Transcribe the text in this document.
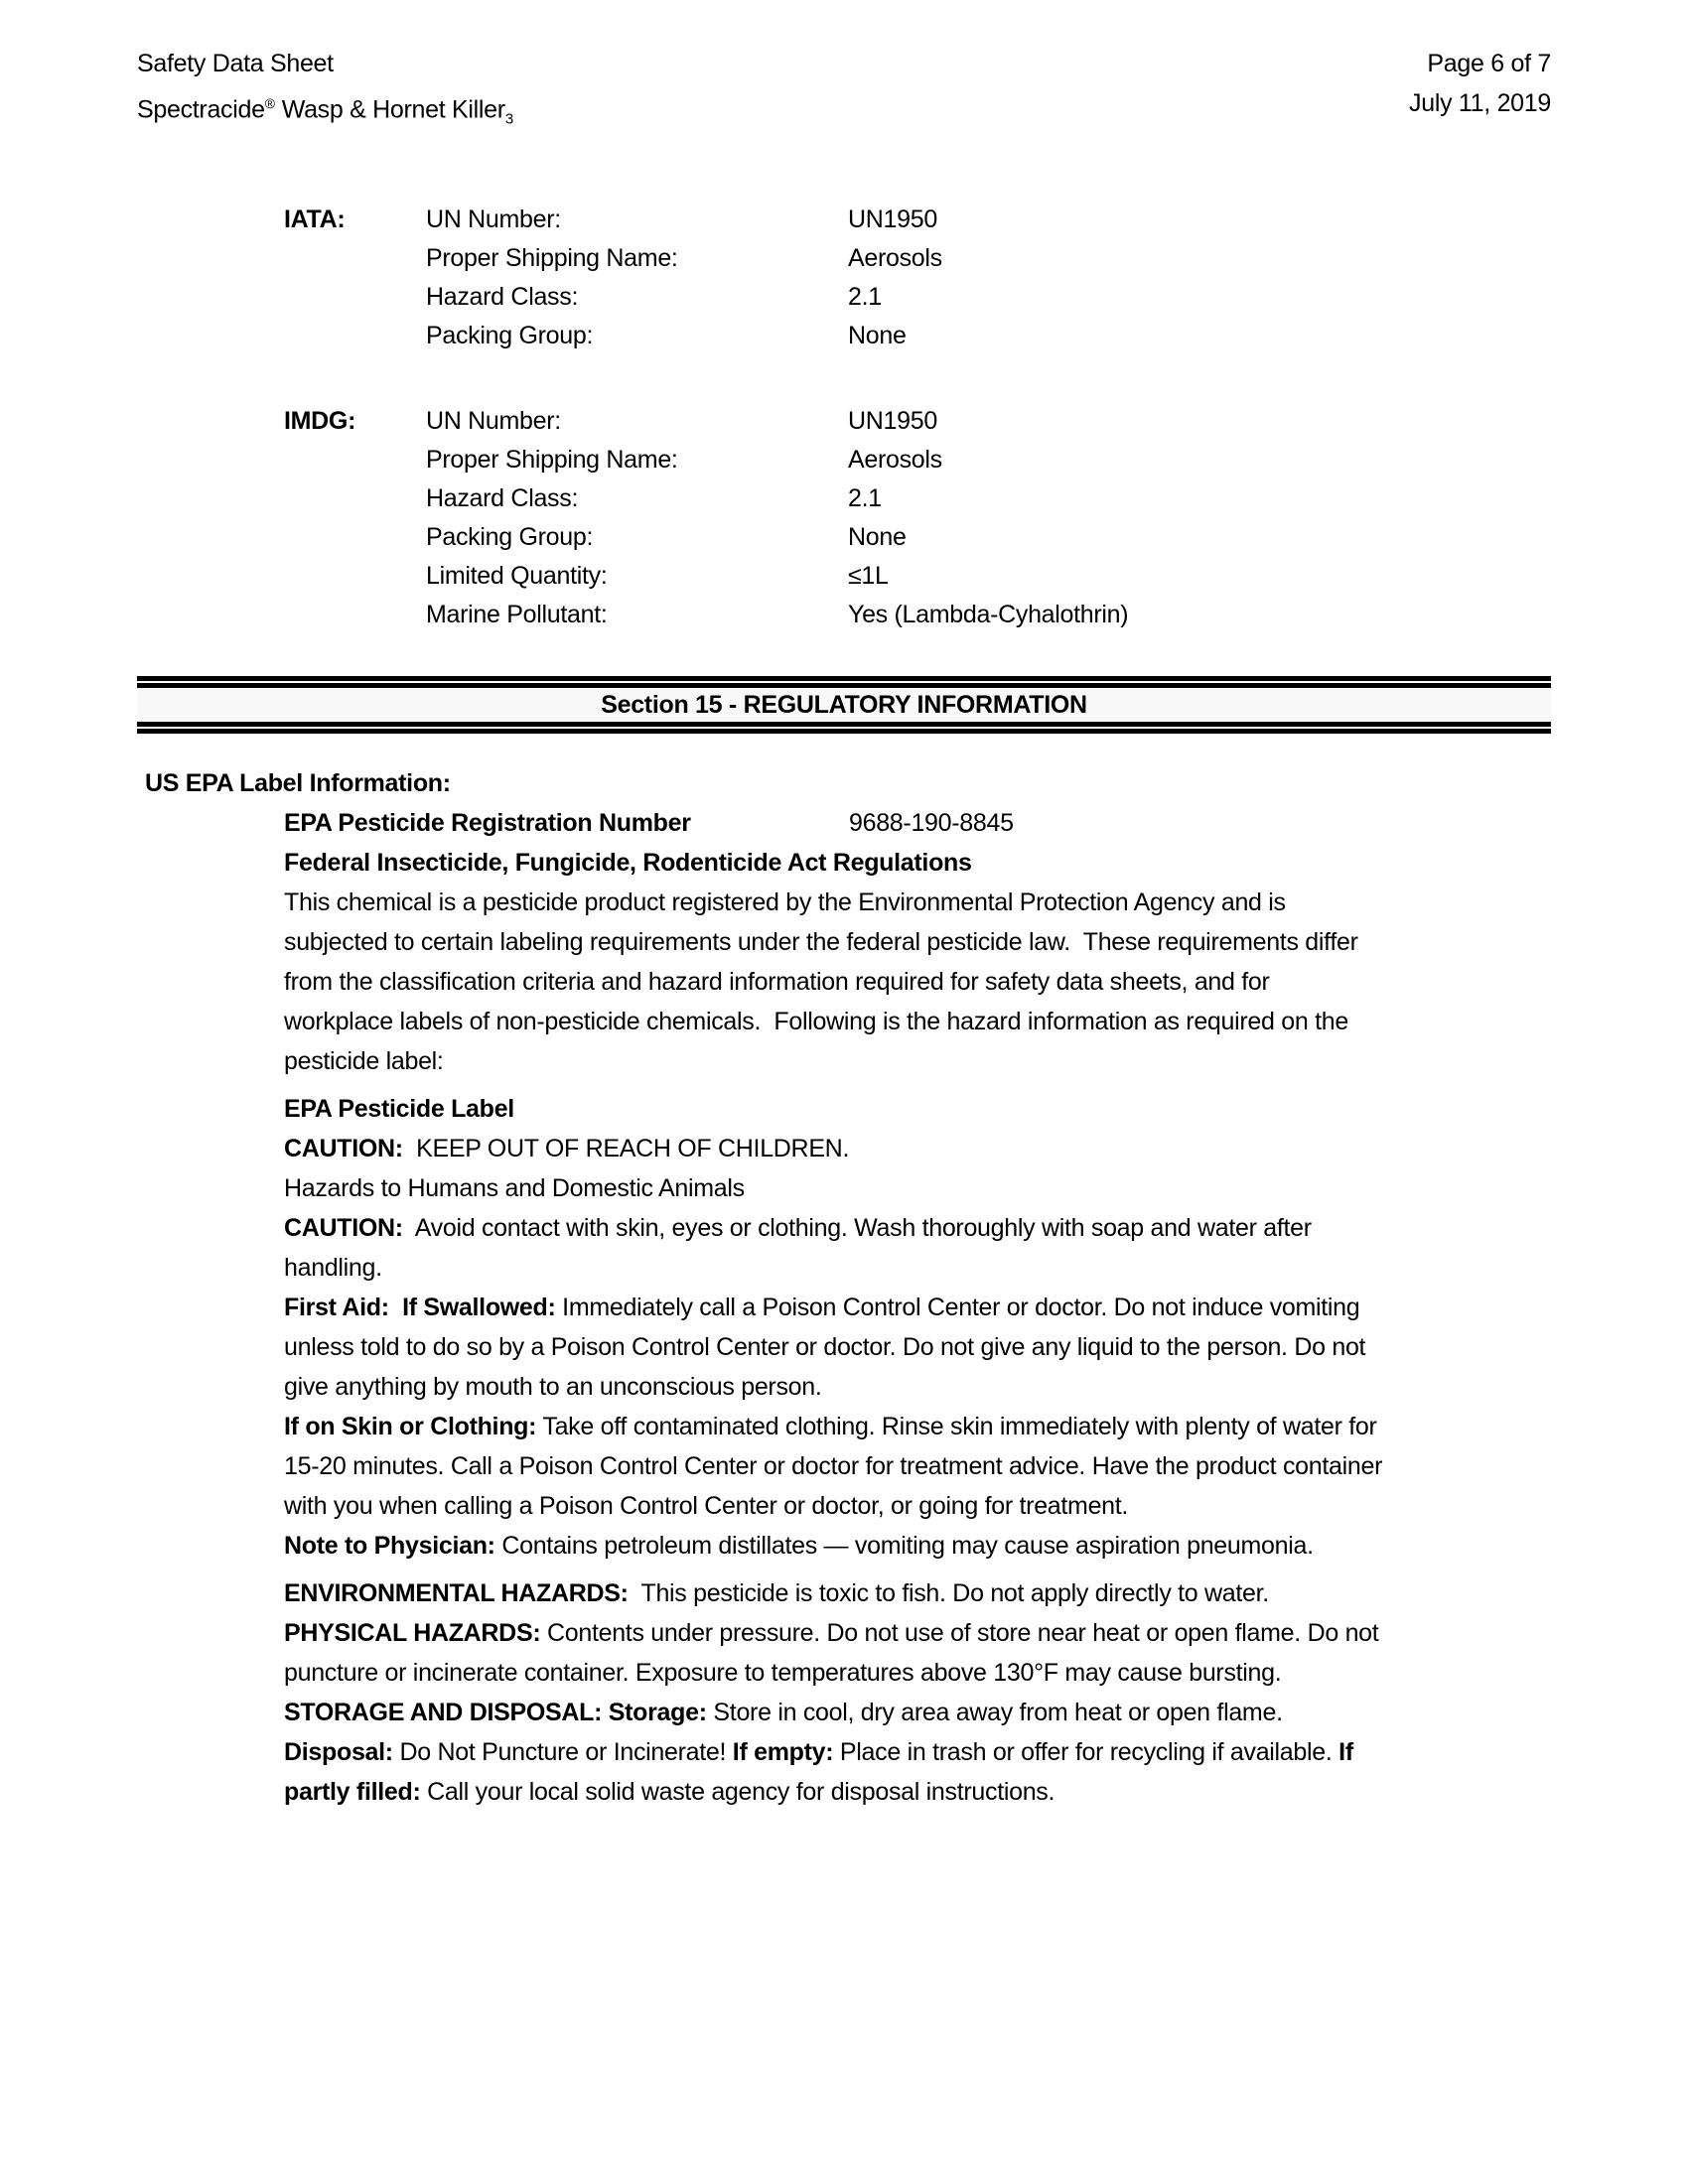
Safety Data Sheet
Spectracide® Wasp & Hornet Killer$_3$
Page 6 of 7
July 11, 2019
IATA:	UN Number:	UN1950
Proper Shipping Name:	Aerosols
Hazard Class:	2.1
Packing Group:	None
IMDG:	UN Number:	UN1950
Proper Shipping Name:	Aerosols
Hazard Class:	2.1
Packing Group:	None
Limited Quantity:	≤1L
Marine Pollutant:	Yes (Lambda-Cyhalothrin)
Section 15 - REGULATORY INFORMATION
US EPA Label Information:
EPA Pesticide Registration Number	9688-190-8845
Federal Insecticide, Fungicide, Rodenticide Act Regulations
This chemical is a pesticide product registered by the Environmental Protection Agency and is subjected to certain labeling requirements under the federal pesticide law.  These requirements differ from the classification criteria and hazard information required for safety data sheets, and for workplace labels of non-pesticide chemicals.  Following is the hazard information as required on the pesticide label:
EPA Pesticide Label
CAUTION:  KEEP OUT OF REACH OF CHILDREN.
Hazards to Humans and Domestic Animals
CAUTION:  Avoid contact with skin, eyes or clothing. Wash thoroughly with soap and water after handling.
First Aid:  If Swallowed: Immediately call a Poison Control Center or doctor. Do not induce vomiting unless told to do so by a Poison Control Center or doctor. Do not give any liquid to the person. Do not give anything by mouth to an unconscious person.
If on Skin or Clothing: Take off contaminated clothing. Rinse skin immediately with plenty of water for 15-20 minutes. Call a Poison Control Center or doctor for treatment advice. Have the product container with you when calling a Poison Control Center or doctor, or going for treatment.
Note to Physician: Contains petroleum distillates — vomiting may cause aspiration pneumonia.
ENVIRONMENTAL HAZARDS:  This pesticide is toxic to fish. Do not apply directly to water.
PHYSICAL HAZARDS: Contents under pressure. Do not use of store near heat or open flame. Do not puncture or incinerate container. Exposure to temperatures above 130°F may cause bursting.
STORAGE AND DISPOSAL: Storage: Store in cool, dry area away from heat or open flame.
Disposal: Do Not Puncture or Incinerate! If empty: Place in trash or offer for recycling if available. If partly filled: Call your local solid waste agency for disposal instructions.
